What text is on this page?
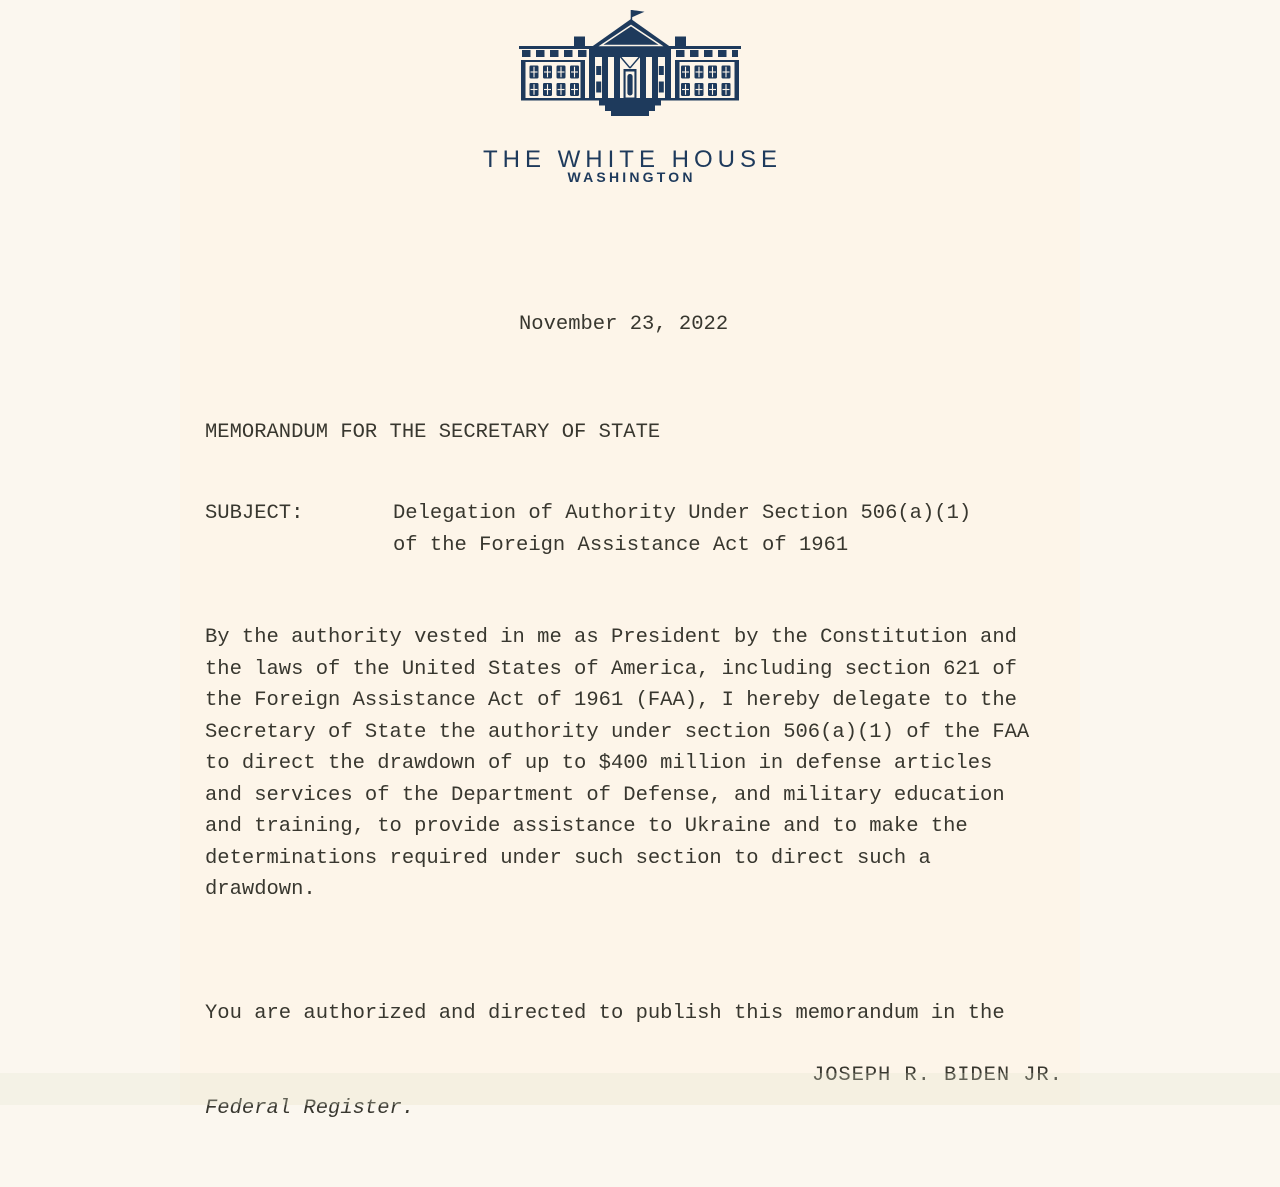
THE WHITE HOUSE
WASHINGTON
November 23, 2022
MEMORANDUM FOR THE SECRETARY OF STATE
SUBJECT:	Delegation of Authority Under Section 506(a)(1)
of the Foreign Assistance Act of 1961
By the authority vested in me as President by the Constitution and
the laws of the United States of America, including section 621 of
the Foreign Assistance Act of 1961 (FAA), I hereby delegate to the
Secretary of State the authority under section 506(a)(1) of the FAA
to direct the drawdown of up to $400 million in defense articles
and services of the Department of Defense, and military education
and training, to provide assistance to Ukraine and to make the
determinations required under such section to direct such a
drawdown.

You are authorized and directed to publish this memorandum in the

Federal Register.

JOSEPH R. BIDEN JR.
